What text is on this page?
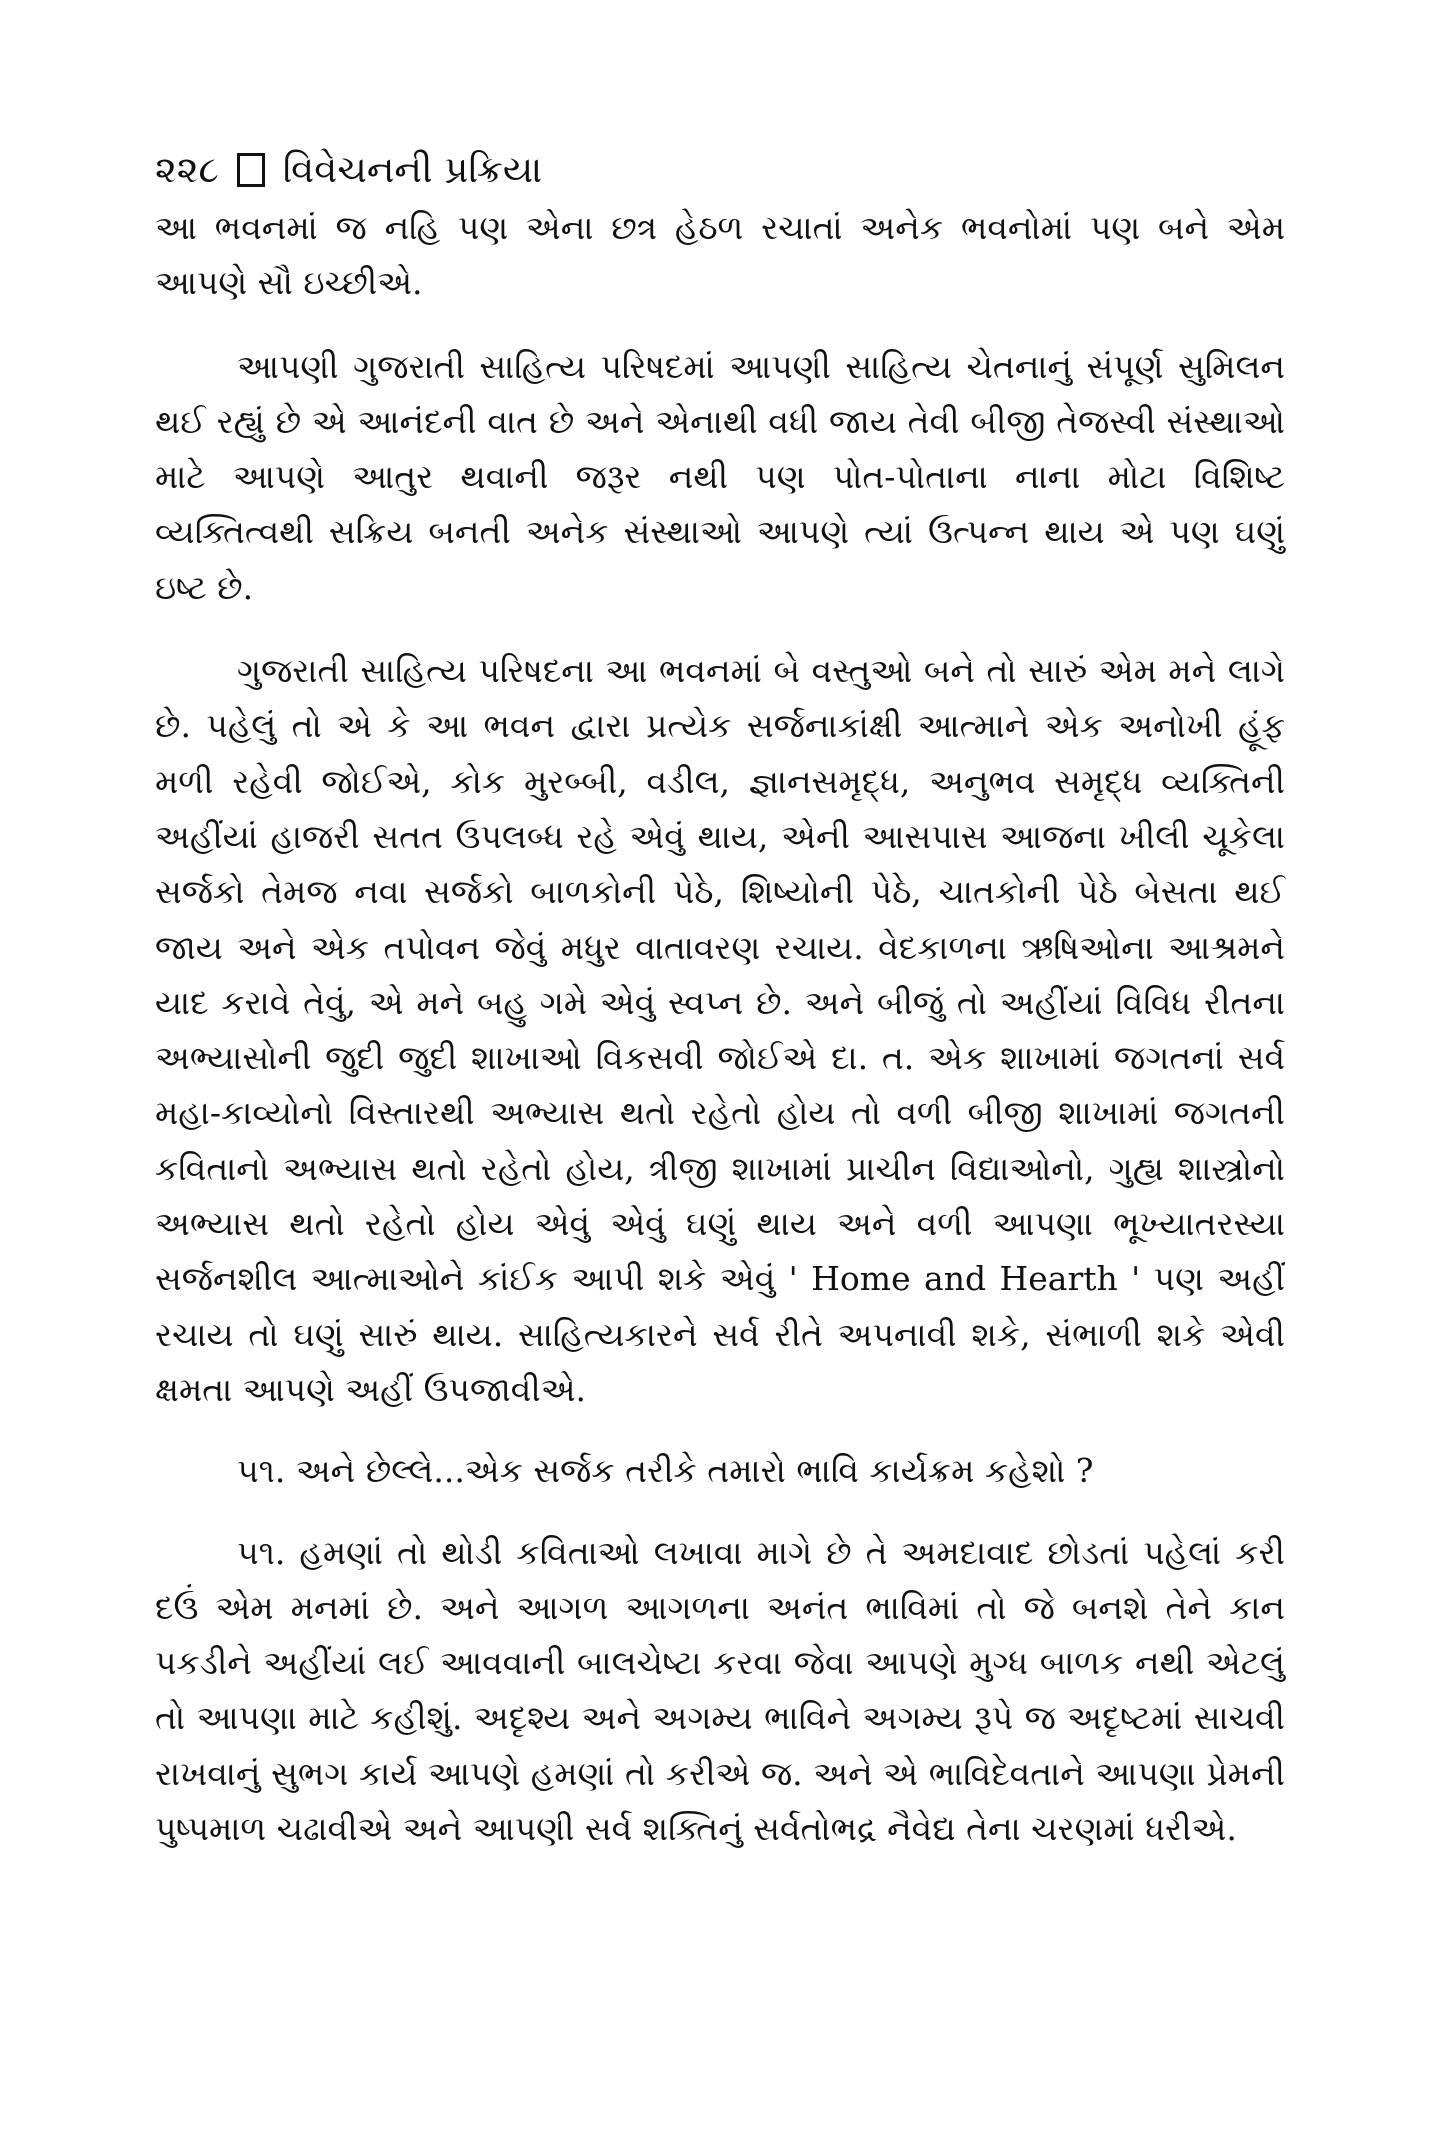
૨૨૮ વિવેચનની પ્રક્રિયા

આ ભવનમાં જ નહિ પણ એના છત્ર હેઠળ રચાતાં અનેક ભવનોમાં પણ બને એમ આપણે સૌ ઇચ્છીએ.

આપણી ગુજરાતી સાહિત્ય પરિષદમાં આપણી સાહિત્ય ચેતનાનું સંપૂર્ણ સુમિલન થઈ રહ્યું છે એ આનંદની વાત છે અને એનાથી વધી જાય તેવી બીજી તેજસ્વી સંસ્થાઓ માટે આપણે આતુર થવાની જરૂર નથી પણ પોત-પોતાના નાના મોટા વિશિષ્ટ વ્યક્તિત્વથી સક્રિય બનતી અનેક સંસ્થાઓ આપણે ત્યાં ઉત્પન્ન થાય એ પણ ઘણું ઇષ્ટ છે.

ગુજરાતી સાહિત્ય પરિષદના આ ભવનમાં બે વસ્તુઓ બને તો સારું એમ મને લાગે છે. પહેલું તો એ કે આ ભવન દ્વારા પ્રત્યેક સર્જનાકાંક્ષી આત્માને એક અનોખી હૂંફ મળી રહેવી જોઈએ, કોક મુરબ્બી, વડીલ, જ્ઞાનસમૃદ્ધ, અનુભવ સમૃદ્ધ વ્યક્તિની અહીંયાં હાજરી સતત ઉપલબ્ધ રહે એવું થાય, એની આસપાસ આજના ખીલી ચૂકેલા સર્જકો તેમજ નવા સર્જકો બાળકોની પેઠે, શિષ્યોની પેઠે, ચાતકોની પેઠે બેસતા થઈ જાય અને એક તપોવન જેવું મધુર વાતાવરણ રચાય. વેદકાળના ઋષિઓના આશ્રમને યાદ કરાવે તેવું, એ મને બહુ ગમે એવું સ્વપ્ન છે. અને બીજું તો અહીંયાં વિવિધ રીતના અભ્યાસોની જુદી જુદી શાખાઓ વિકસવી જોઈએ દા. ત. એક શાખામાં જગતનાં સર્વ મહા-કાવ્યોનો વિસ્તારથી અભ્યાસ થતો રહેતો હોય તો વળી બીજી શાખામાં જગતની કવિતાનો અભ્યાસ થતો રહેતો હોય, ત્રીજી શાખામાં પ્રાચીન વિદ્યાઓનો, ગુહ્ય શાસ્ત્રોનો અભ્યાસ થતો રહેતો હોય એવું એવું ઘણું થાય અને વળી આપણા ભૂખ્યાતરસ્યા સર્જનશીલ આત્માઓને કાંઈક આપી શકે એવું ' Home and Hearth ' પણ અહીં રચાય તો ઘણું સારું થાય. સાહિત્યકારને સર્વ રીતે અપનાવી શકે, સંભાળી શકે એવી ક્ષમતા આપણે અહીં ઉપજાવીએ.

૫૧. અને છેલ્લે...એક સર્જક તરીકે તમારો ભાવિ કાર્યક્રમ કહેશો ?

૫૧. હમણાં તો થોડી કવિતાઓ લખાવા માગે છે તે અમદાવાદ છોડતાં પહેલાં કરી દઉં એમ મનમાં છે. અને આગળ આગળના અનંત ભાવિમાં તો જે બનશે તેને કાન પકડીને અહીંયાં લઈ આવવાની બાલચેષ્ટા કરવા જેવા આપણે મુગ્ધ બાળક નથી એટલું તો આપણા માટે કહીશું. અદૃશ્ય અને અગમ્ય ભાવિને અગમ્ય રૂપે જ અદૃષ્ટમાં સાચવી રાખવાનું સુભગ કાર્ય આપણે હમણાં તો કરીએ જ. અને એ ભાવિદેવતાને આપણા પ્રેમની પુષ્પમાળ ચઢાવીએ અને આપણી સર્વ શક્તિનું સર્વતોભદ્ર નૈવેદ્ય તેના ચરણમાં ધરીએ.
